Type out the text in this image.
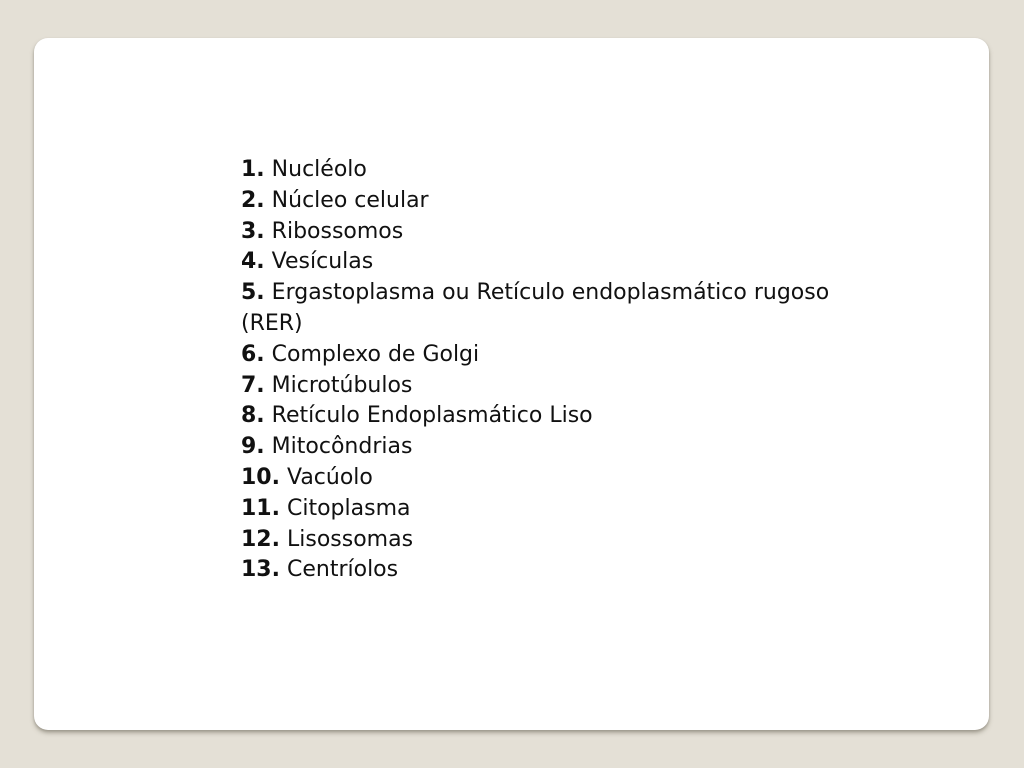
1. Nucléolo

2. Núcleo celular

3. Ribossomos

4. Vesículas

5. Ergastoplasma ou Retículo endoplasmático rugoso (RER)

6. Complexo de Golgi

7. Microtúbulos

8. Retículo Endoplasmático Liso

9. Mitocôndrias

10. Vacúolo

11. Citoplasma

12. Lisossomas

13. Centríolos
